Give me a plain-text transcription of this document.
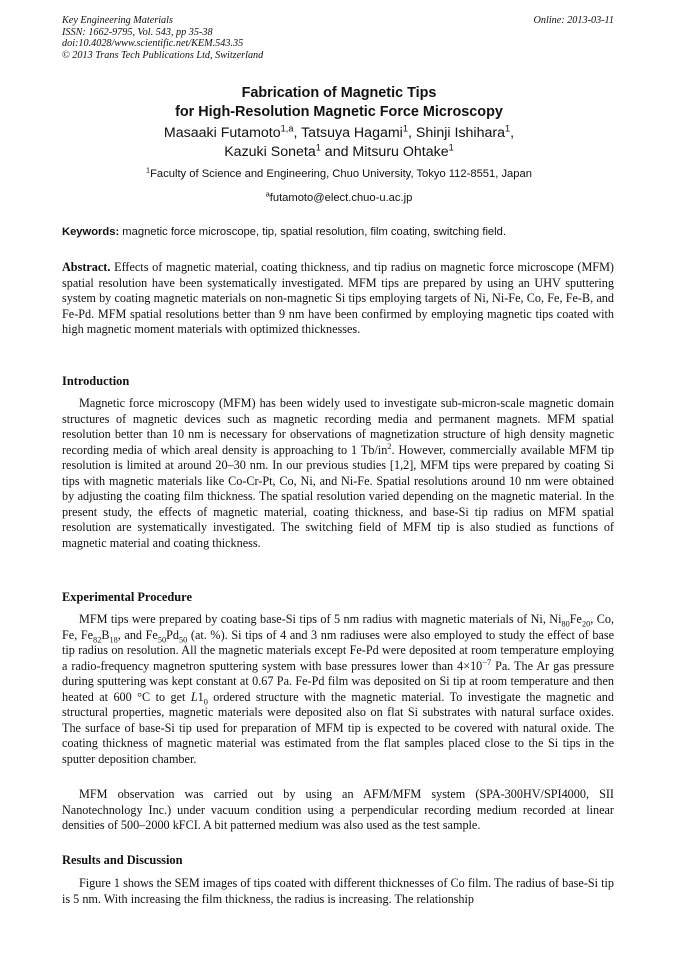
Key Engineering Materials
ISSN: 1662-9795, Vol. 543, pp 35-38
doi:10.4028/www.scientific.net/KEM.543.35
© 2013 Trans Tech Publications Ltd, Switzerland
Online: 2013-03-11
Fabrication of Magnetic Tips
for High-Resolution Magnetic Force Microscopy
Masaaki Futamoto$^{1,a}$, Tatsuya Hagami$^1$, Shinji Ishihara$^1$,
Kazuki Soneta$^1$ and Mitsuru Ohtake$^1$
$^1$Faculty of Science and Engineering, Chuo University, Tokyo 112-8551, Japan
$^a$futamoto@elect.chuo-u.ac.jp
Keywords: magnetic force microscope, tip, spatial resolution, film coating, switching field.
Abstract. Effects of magnetic material, coating thickness, and tip radius on magnetic force microscope (MFM) spatial resolution have been systematically investigated. MFM tips are prepared by using an UHV sputtering system by coating magnetic materials on non-magnetic Si tips employing targets of Ni, Ni-Fe, Co, Fe, Fe-B, and Fe-Pd. MFM spatial resolutions better than 9 nm have been confirmed by employing magnetic tips coated with high magnetic moment materials with optimized thicknesses.
Introduction
Magnetic force microscopy (MFM) has been widely used to investigate sub-micron-scale magnetic domain structures of magnetic devices such as magnetic recording media and permanent magnets. MFM spatial resolution better than 10 nm is necessary for observations of magnetization structure of high density magnetic recording media of which areal density is approaching to 1 $Tb/in^2$. However, commercially available MFM tip resolution is limited at around 20–30 nm. In our previous studies [1,2], MFM tips were prepared by coating Si tips with magnetic materials like Co-Cr-Pt, Co, Ni, and Ni-Fe. Spatial resolutions around 10 nm were obtained by adjusting the coating film thickness. The spatial resolution varied depending on the magnetic material. In the present study, the effects of magnetic material, coating thickness, and base-Si tip radius on MFM spatial resolution are systematically investigated. The switching field of MFM tip is also studied as functions of magnetic material and coating thickness.
Experimental Procedure
MFM tips were prepared by coating base-Si tips of 5 nm radius with magnetic materials of Ni, $Ni_{80}Fe_{20}$, Co, Fe, $Fe_{82}B_{18}$, and $Fe_{50}Pd_{50}$ (at. %). Si tips of 4 and 3 nm radiuses were also employed to study the effect of base tip radius on resolution. All the magnetic materials except Fe-Pd were deposited at room temperature employing a radio-frequency magnetron sputtering system with base pressures lower than $4\times 10^{-7}$ Pa. The Ar gas pressure during sputtering was kept constant at 0.67 Pa. Fe-Pd film was deposited on Si tip at room temperature and then heated at 600 °C to get $L1_0$ ordered structure with the magnetic material. To investigate the magnetic and structural properties, magnetic materials were deposited also on flat Si substrates with natural surface oxides. The surface of base-Si tip used for preparation of MFM tip is expected to be covered with natural oxide. The coating thickness of magnetic material was estimated from the flat samples placed close to the Si tips in the sputter deposition chamber.
MFM observation was carried out by using an AFM/MFM system (SPA-300HV/SPI4000, SII Nanotechnology Inc.) under vacuum condition using a perpendicular recording medium recorded at linear densities of 500–2000 kFCI. A bit patterned medium was also used as the test sample.
Results and Discussion
Figure 1 shows the SEM images of tips coated with different thicknesses of Co film. The radius of base-Si tip is 5 nm. With increasing the film thickness, the radius is increasing. The relationship
